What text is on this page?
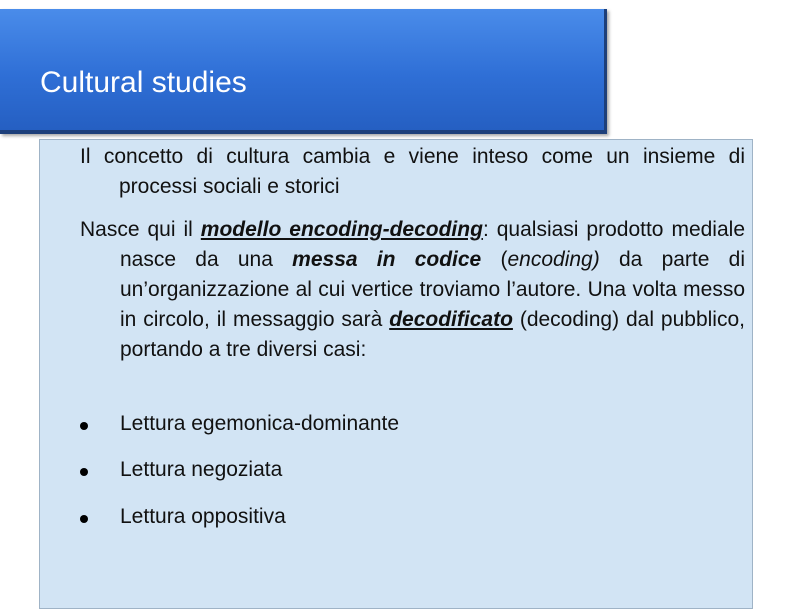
Cultural studies

Il concetto di cultura cambia e viene inteso come un insieme di processi sociali e storici

Nasce qui il modello encoding-decoding: qualsiasi prodotto mediale nasce da una messa in codice (encoding) da parte di un’organizzazione al cui vertice troviamo l’autore. Una volta messo in circolo, il messaggio sarà decodificato (decoding) dal pubblico, portando a tre diversi casi:

Lettura egemonica-dominante
Lettura negoziata
Lettura oppositiva
